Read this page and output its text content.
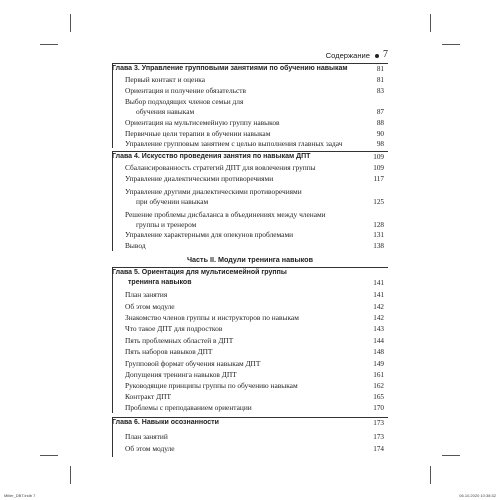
Содержание 7
Глава 3. Управление групповыми занятиями по обучению навыкам	81
Первый контакт и оценка	81
Ориентация и получение обязательств	83
Выбор подходящих членов семьи для
обучения навыкам	87
Ориентация на мультисемейную группу навыков	88
Первичные цели терапии в обучении навыкам	90
Управление групповым занятием с целью выполнения главных задач	98
Глава 4. Искусство проведения занятия по навыкам ДПТ	109
Сбалансированность стратегий ДПТ для вовлечения группы	109
Управление диалектическими противоречиями	117
Управление другими диалектическими противоречиями
при обучении навыкам	125
Решение проблемы дисбаланса в объединениях между членами
группы и тренером	128
Управление характерными для опекунов проблемами	131
Вывод	138
Часть II. Модули тренинга навыков
Глава 5. Ориентация для мультисемейной группы
тренинга навыков	141
План занятия	141
Об этом модуле	142
Знакомство членов группы и инструкторов по навыкам	142
Что такое ДПТ для подростков	143
Пять проблемных областей в ДПТ	144
Пять наборов навыков ДПТ	148
Групповой формат обучения навыкам ДПТ	149
Допущения тренинга навыков ДПТ	161
Руководящие принципы группы по обучению навыкам	162
Контракт ДПТ	165
Проблемы с преподаванием ориентации	170
Глава 6. Навыки осознанности	173
План занятий	173
Об этом модуле	174
Miller_DBT.indb 7	06.10.2020 10:38:32
